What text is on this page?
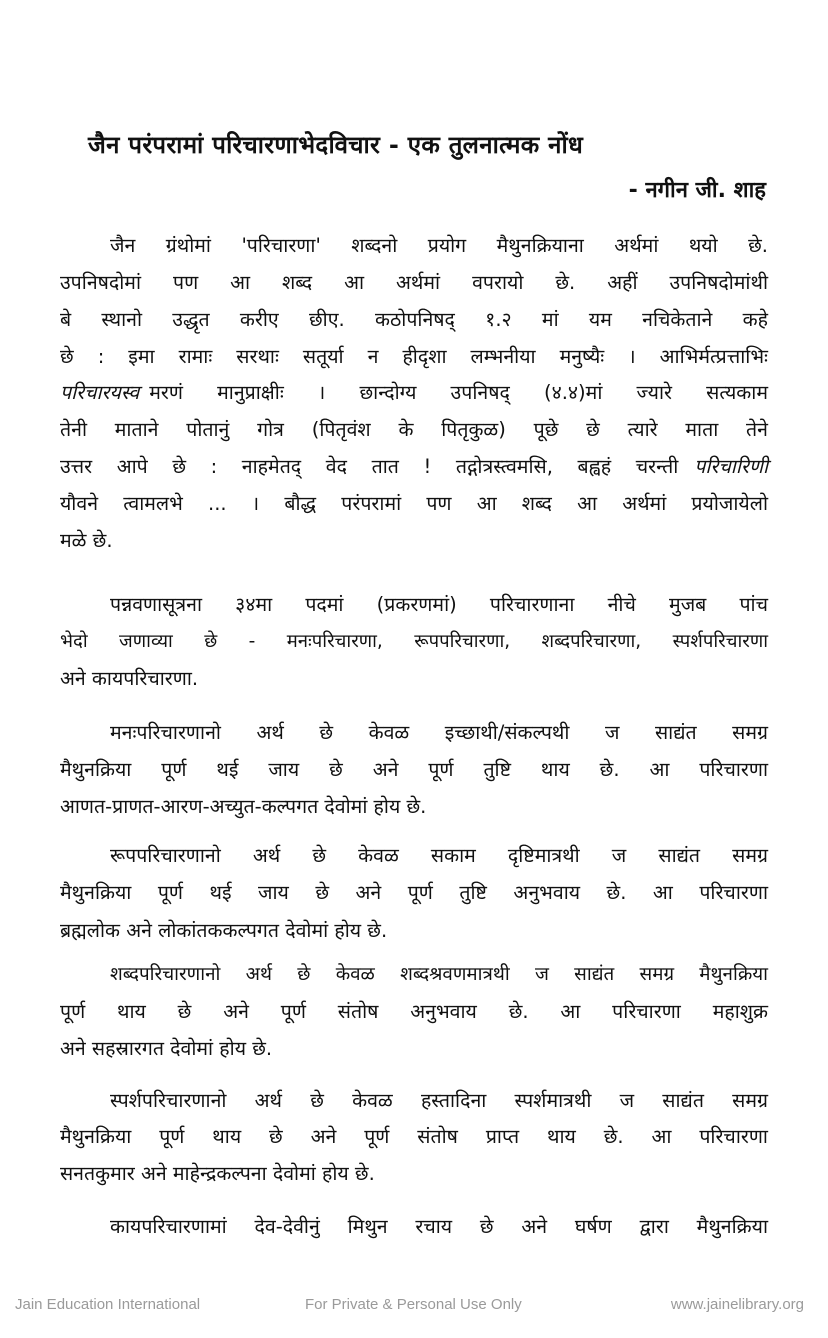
जैन परंपरामां परिचारणाभेदविचार - एक तुलनात्मक नोंध
- नगीन जी. शाह
जैन ग्रंथोमां 'परिचारणा' शब्दनो प्रयोग मैथुनक्रियाना अर्थमां थयो छे.
उपनिषदोमां पण आ शब्द आ अर्थमां वपरायो छे. अहीं उपनिषदोमांथी
बे स्थानो उद्धृत करीए छीए. कठोपनिषद् १.२ मां यम नचिकेताने कहे
छे : इमा रामाः सरथाः सतूर्या न हीदृशा लम्भनीया मनुष्यैः । आभिर्मत्प्रत्ताभिः
परिचारयस्व मरणं मानुप्राक्षीः । छान्दोग्य उपनिषद् (४.४)मां ज्यारे सत्यकाम
तेनी माताने पोतानुं गोत्र (पितृवंश के पितृकुळ) पूछे छे त्यारे माता तेने
उत्तर आपे छे : नाहमेतद् वेद तात ! तद्गोत्रस्त्वमसि, बह्वहं चरन्ती परिचारिणी
यौवने त्वामलभे ... । बौद्ध परंपरामां पण आ शब्द आ अर्थमां प्रयोजायेलो
मळे छे.
पन्नवणासूत्रना ३४मा पदमां (प्रकरणमां) परिचारणाना नीचे मुजब पांच
भेदो जणाव्या छे - मनःपरिचारणा, रूपपरिचारणा, शब्दपरिचारणा, स्पर्शपरिचारणा
अने कायपरिचारणा.
मनःपरिचारणानो अर्थ छे केवळ इच्छाथी/संकल्पथी ज साद्यंत समग्र
मैथुनक्रिया पूर्ण थई जाय छे अने पूर्ण तुष्टि थाय छे. आ परिचारणा
आणत-प्राणत-आरण-अच्युत-कल्पगत देवोमां होय छे.
रूपपरिचारणानो अर्थ छे केवळ सकाम दृष्टिमात्रथी ज साद्यंत समग्र
मैथुनक्रिया पूर्ण थई जाय छे अने पूर्ण तुष्टि अनुभवाय छे. आ परिचारणा
ब्रह्मलोक अने लोकांतककल्पगत देवोमां होय छे.
शब्दपरिचारणानो अर्थ छे केवळ शब्दश्रवणमात्रथी ज साद्यंत समग्र मैथुनक्रिया
पूर्ण थाय छे अने पूर्ण संतोष अनुभवाय छे. आ परिचारणा महाशुक्र
अने सहस्रारगत देवोमां होय छे.
स्पर्शपरिचारणानो अर्थ छे केवळ हस्तादिना स्पर्शमात्रथी ज साद्यंत समग्र
मैथुनक्रिया पूर्ण थाय छे अने पूर्ण संतोष प्राप्त थाय छे. आ परिचारणा
सनतकुमार अने माहेन्द्रकल्पना देवोमां होय छे.
कायपरिचारणामां देव-देवीनुं मिथुन रचाय छे अने घर्षण द्वारा मैथुनक्रिया
Jain Education International	For Private & Personal Use Only	www.jainelibrary.org
